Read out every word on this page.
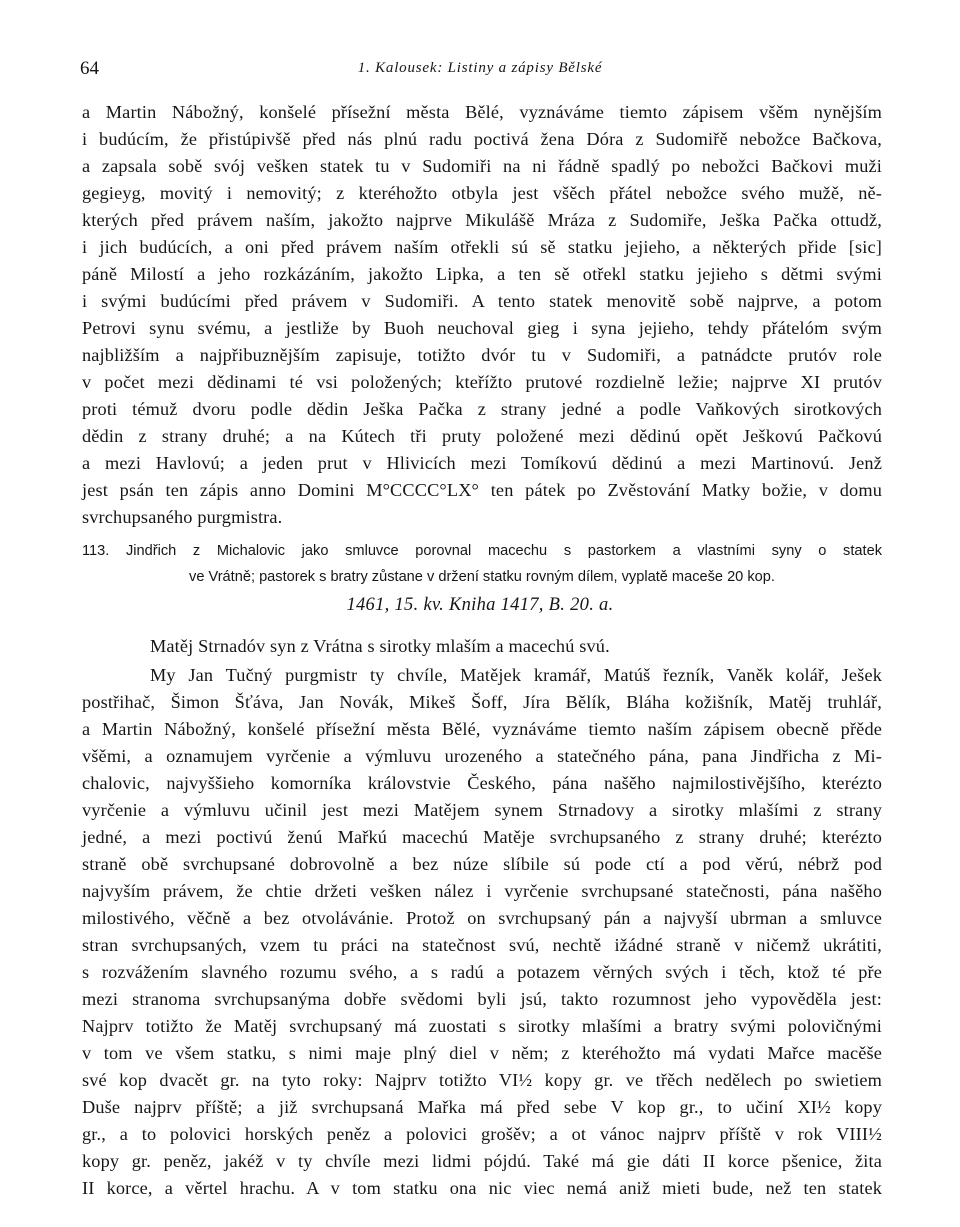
64	1. Kalousek: Listiny a zápisy Bělské
a Martin Nábožný, konšelé přísežní města Bělé, vyznáváme tiemto zápisem všěm nynějším
i budúcím, že přistúpivšě před nás plnú radu poctivá žena Dóra z Sudomiřě nebožce Bačkova,
a zapsala sobě svój veškеn statek tu v Sudomiři na ni řádně spadlý po nebožci Bačkovi muži
gegieyg, movitý i nemovitý; z kteréhožto otbyla jest všěch přátel nebožce svého mužě, ně-
kterých před právem naším, jakožto najprve Mikulášě Mráza z Sudomiře, Ješka Pačka ottudž,
i jich budúcích, a oni před právem naším otřekli sú sě statku jejieho, a některých přide [sic]
páně Milostí a jeho rozkázáním, jakožto Lipka, a ten sě otřekl statku jejieho s dětmi svými
i svými budúcími před právem v Sudomiři. A tento statek menovitě sobě najprve, a potom
Petrovi synu svému, a jestliže by Buoh neuchoval gieg i syna jejieho, tehdy přátelóm svým
najbližším a najpřibuznějším zapisuje, totižto dvór tu v Sudomiři, a patnádcte prutóv role
v počet mezi dědinami té vsi položených; kteřížto prutové rozdielně ležie; najprve XI prutóv
proti témuž dvoru podle dědin Ješka Pačka z strany jedné a podle Vaňkových sirotkových
dědin z strany druhé; a na Kútech tři pruty položené mezi dědinú opět Ješkovú Pačkovú
a mezi Havlovú; a jeden prut v Hlivicích mezi Tomíkovú dědinú a mezi Martinovú. Jenž
jest psán ten zápis anno Domini M°CCCC°LX° ten pátek po Zvěstování Matky božie, v domu
svrchupsaného purgmistra.
113. Jindřich z Michalovic jako smluvce porovnal macechu s pastorkem a vlastními syny o statek
ve Vrátně; pastorek s bratry zůstane v držení statku rovným dílem, vyplatě maceše 20 kop.
1461, 15. kv. Kniha 1417, B. 20. a.
Matěj Strnadóv syn z Vrátna s sirotky mlaším a macechú svú.
My Jan Tučný purgmistr ty chvíle, Matějek kramář, Matúš řezník, Vaněk kolář, Ješek
postřihač, Šimon Šťáva, Jan Novák, Mikeš Šoff, Jíra Bělík, Bláha kožišník, Matěj truhlář,
a Martin Nábožný, konšelé přísežní města Bělé, vyznáváme tiemto naším zápisem obecně přěde
všěmi, a oznamujem vyrčenie a výmluvu urozeného a statečného pána, pana Jindřicha z Mi-
chalovic, najvyššieho komorníka královstvie Českého, pána našěho najmilostivějšího, kterézto
vyrčenie a výmluvu učinil jest mezi Matějem synem Strnadovy a sirotky mlašími z strany
jedné, a mezi poctivú ženú Mařkú macechú Matěje svrchupsaného z strany druhé; kterézto
straně obě svrchupsané dobrovolně a bez núze slíbile sú pode ctí a pod věrú, nébrž pod
najvyším právem, že chtie držeti veškеn nález i vyrčenie svrchupsané statečnosti, pána našěho
milostivého, věčně a bez otvolávánie. Protož on svrchupsaný pán a najvyší ubrman a smluvce
stran svrchupsaných, vzem tu práci na statečnost svú, nechtě ižádné straně v ničemž ukrátiti,
s rozvážením slavného rozumu svého, a s radú a potazem věrných svých i těch, ktož té pře
mezi stranoma svrchupsanýma dobře svědomi byli jsú, takto rozumnost jeho vypověděla jest:
Najprv totižto že Matěj svrchupsaný má zuostati s sirotky mlašími a bratry svými polovičnými
v tom ve všem statku, s nimi maje plný diel v něm; z kteréhožto má vydati Mařce macěše
své kop dvacět gr. na tyto roky: Najprv totižto VI½ kopy gr. ve třěch nedělech po swietiem
Duše najprv příště; a již svrchupsaná Mařka má před sebe V kop gr., to učiní XI½ kopy
gr., a to polovici horských peněz a polovici grošěv; a ot vánoc najprv příště v rok VIII½
kopy gr. peněz, jakéž v ty chvíle mezi lidmi pójdú. Také má gie dáti II korce pšenice, žita
II korce, a věrtel hrachu. A v tom statku ona nic viec nemá aniž mieti bude, než ten statek
